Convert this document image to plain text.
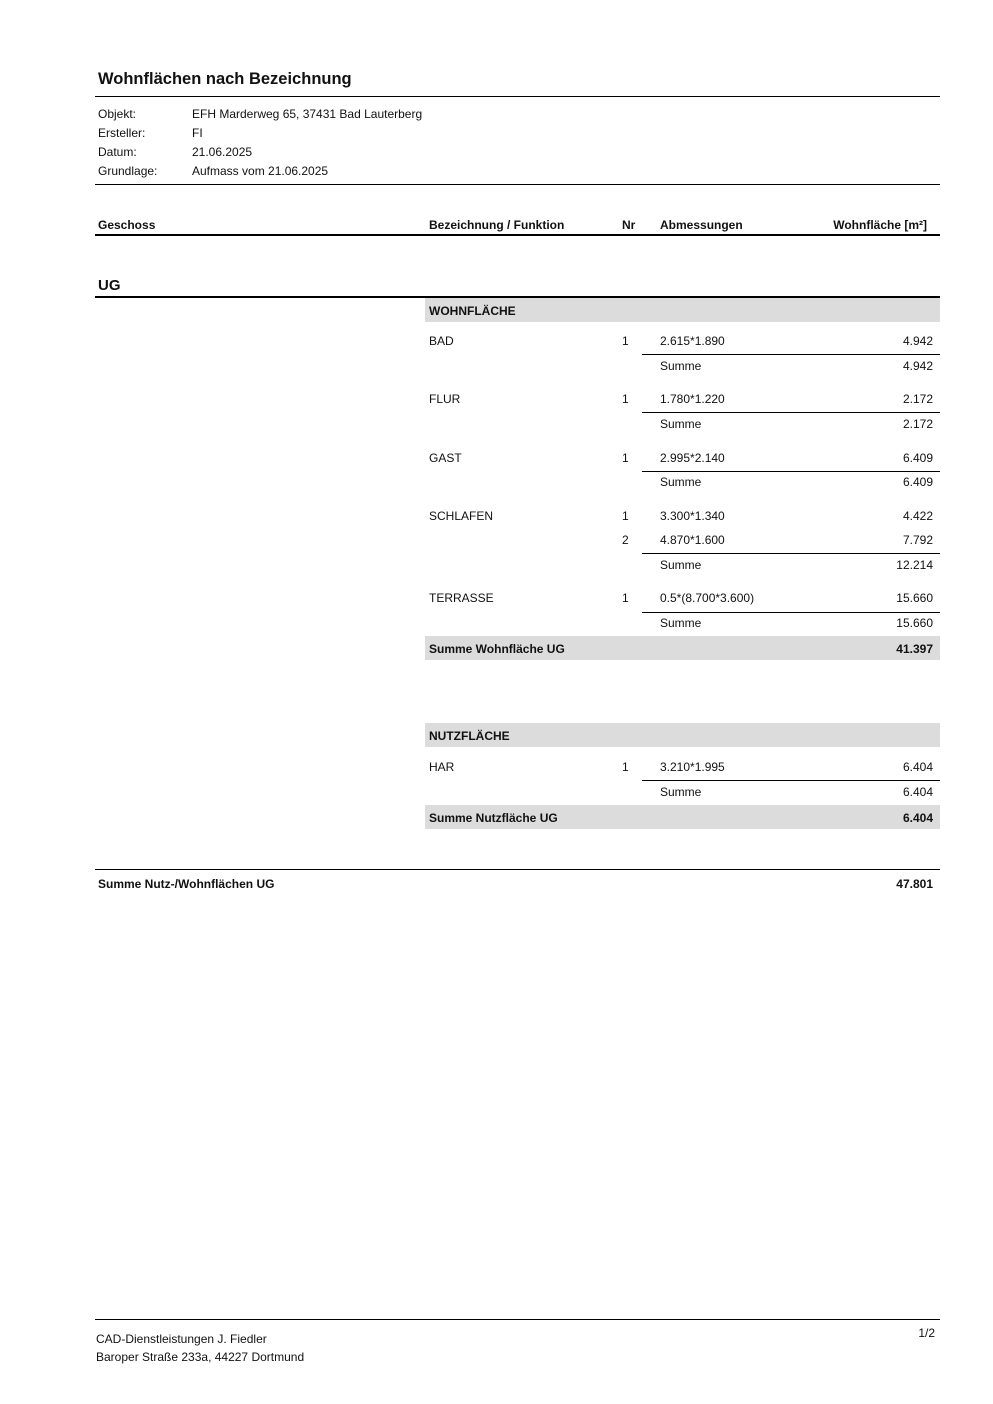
Wohnflächen nach Bezeichnung
Objekt:	EFH Marderweg 65, 37431 Bad Lauterberg
Ersteller:	FI
Datum:	21.06.2025
Grundlage:	Aufmass vom 21.06.2025
Geschoss	Bezeichnung / Funktion	Nr Abmessungen	Wohnfläche [m²]
UG
WOHNFLÄCHE
BAD	1	2.615*1.890	4.942
Summe	4.942
FLUR	1	1.780*1.220	2.172
Summe	2.172
GAST	1	2.995*2.140	6.409
Summe	6.409
SCHLAFEN	1	3.300*1.340	4.422
2	4.870*1.600	7.792
Summe	12.214
TERRASSE	1	0.5*(8.700*3.600)	15.660
Summe	15.660
Summe Wohnfläche UG	41.397
NUTZFLÄCHE
HAR	1	3.210*1.995	6.404
Summe	6.404
Summe Nutzfläche UG	6.404
Summe Nutz-/Wohnflächen UG	47.801
CAD-Dienstleistungen J. Fiedler
Baroper Straße 233a, 44227 Dortmund
1/2
